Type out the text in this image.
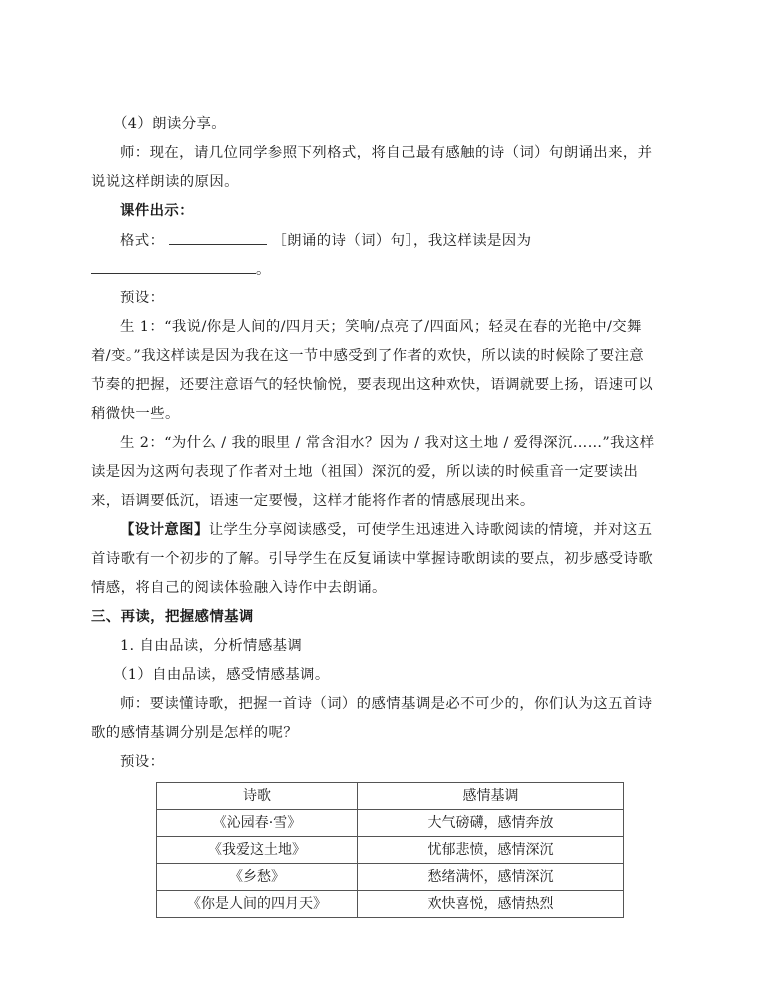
（4）朗读分享。
师：现在，请几位同学参照下列格式，将自己最有感触的诗（词）句朗诵出来，并
说说这样朗读的原因。
课件出示：
格式：	［朗诵的诗（词）句］，我这样读是因为
。
预设：
生 1：“我说/你是人间的/四月天；笑响/点亮了/四面风；轻灵在春的光艳中/交舞
着/变。”我这样读是因为我在这一节中感受到了作者的欢快，所以读的时候除了要注意
节奏的把握，还要注意语气的轻快愉悦，要表现出这种欢快，语调就要上扬，语速可以
稍微快一些。
生 2：“为什么 / 我的眼里 / 常含泪水？因为 / 我对这土地 / 爱得深沉……”我这样
读是因为这两句表现了作者对土地（祖国）深沉的爱，所以读的时候重音一定要读出
来，语调要低沉，语速一定要慢，这样才能将作者的情感展现出来。
【设计意图】让学生分享阅读感受，可使学生迅速进入诗歌阅读的情境，并对这五
首诗歌有一个初步的了解。引导学生在反复诵读中掌握诗歌朗读的要点，初步感受诗歌
情感，将自己的阅读体验融入诗作中去朗诵。
三、再读，把握感情基调
1. 自由品读，分析情感基调
（1）自由品读，感受情感基调。
师：要读懂诗歌，把握一首诗（词）的感情基调是必不可少的，你们认为这五首诗
歌的感情基调分别是怎样的呢？
诗歌	感情基调
《沁园春·雪》	大气磅礴，感情奔放
《我爱这土地》	忧郁悲愤，感情深沉
《乡愁》	愁绪满怀，感情深沉
《你是人间的四月天》	欢快喜悦，感情热烈
预设：
